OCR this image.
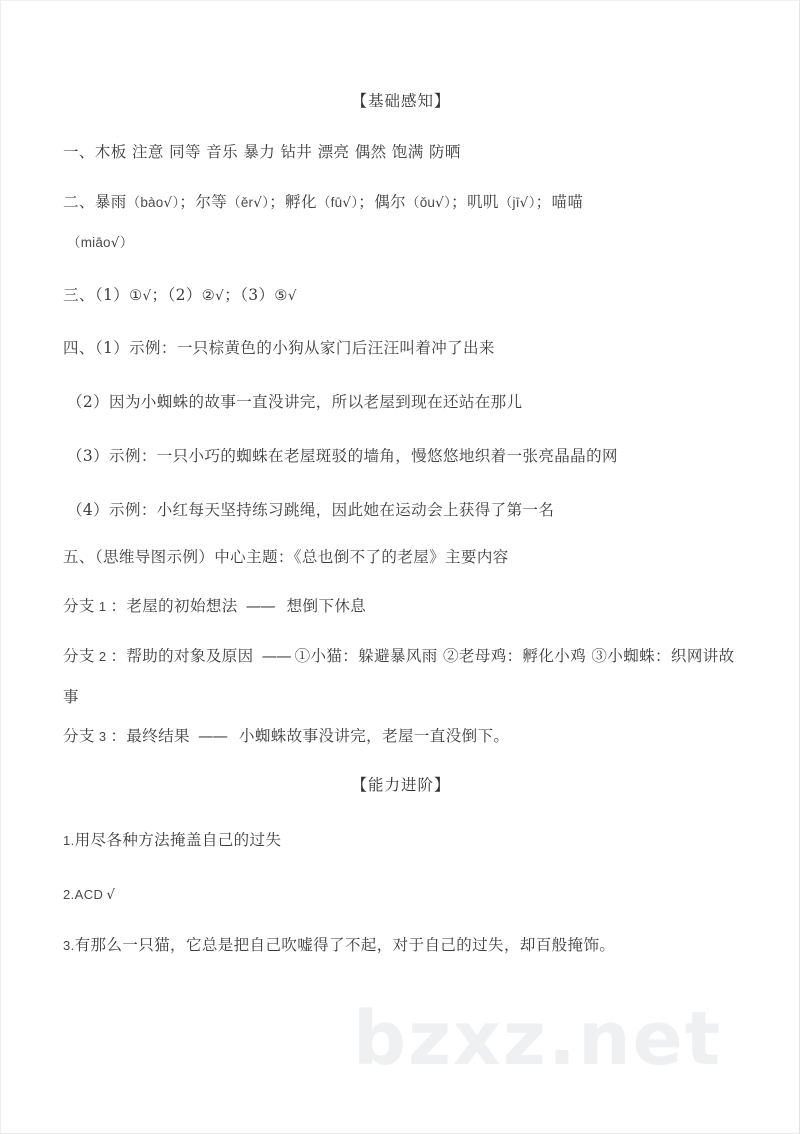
【基础感知】
一、木板 注意 同等 音乐 暴力 钻井 漂亮 偶然 饱满 防晒
二、暴雨（bào√）；尔等（ěr√）；孵化（fū√）；偶尔（ǒu√）；叽叽（jī√）；喵喵
（miāo√）
三、（1）①√；（2）②√；（3）⑤√
四、（1）示例：一只棕黄色的小狗从家门后汪汪叫着冲了出来
（2）因为小蜘蛛的故事一直没讲完，所以老屋到现在还站在那儿
（3）示例：一只小巧的蜘蛛在老屋斑驳的墙角，慢悠悠地织着一张亮晶晶的网
（4）示例：小红每天坚持练习跳绳，因此她在运动会上获得了第一名
五、（思维导图示例）中心主题：《总也倒不了的老屋》主要内容
分支 1 ：老屋的初始想法 —— 想倒下休息
分支 2 ：帮助的对象及原因 —— ①小猫：躲避暴风雨 ②老母鸡：孵化小鸡 ③小蜘蛛：织网讲故事
分支 3 ：最终结果 —— 小蜘蛛故事没讲完，老屋一直没倒下。
【能力进阶】
1.用尽各种方法掩盖自己的过失
2.ACD √
3.有那么一只猫，它总是把自己吹嘘得了不起，对于自己的过失，却百般掩饰。
bzxz.net
